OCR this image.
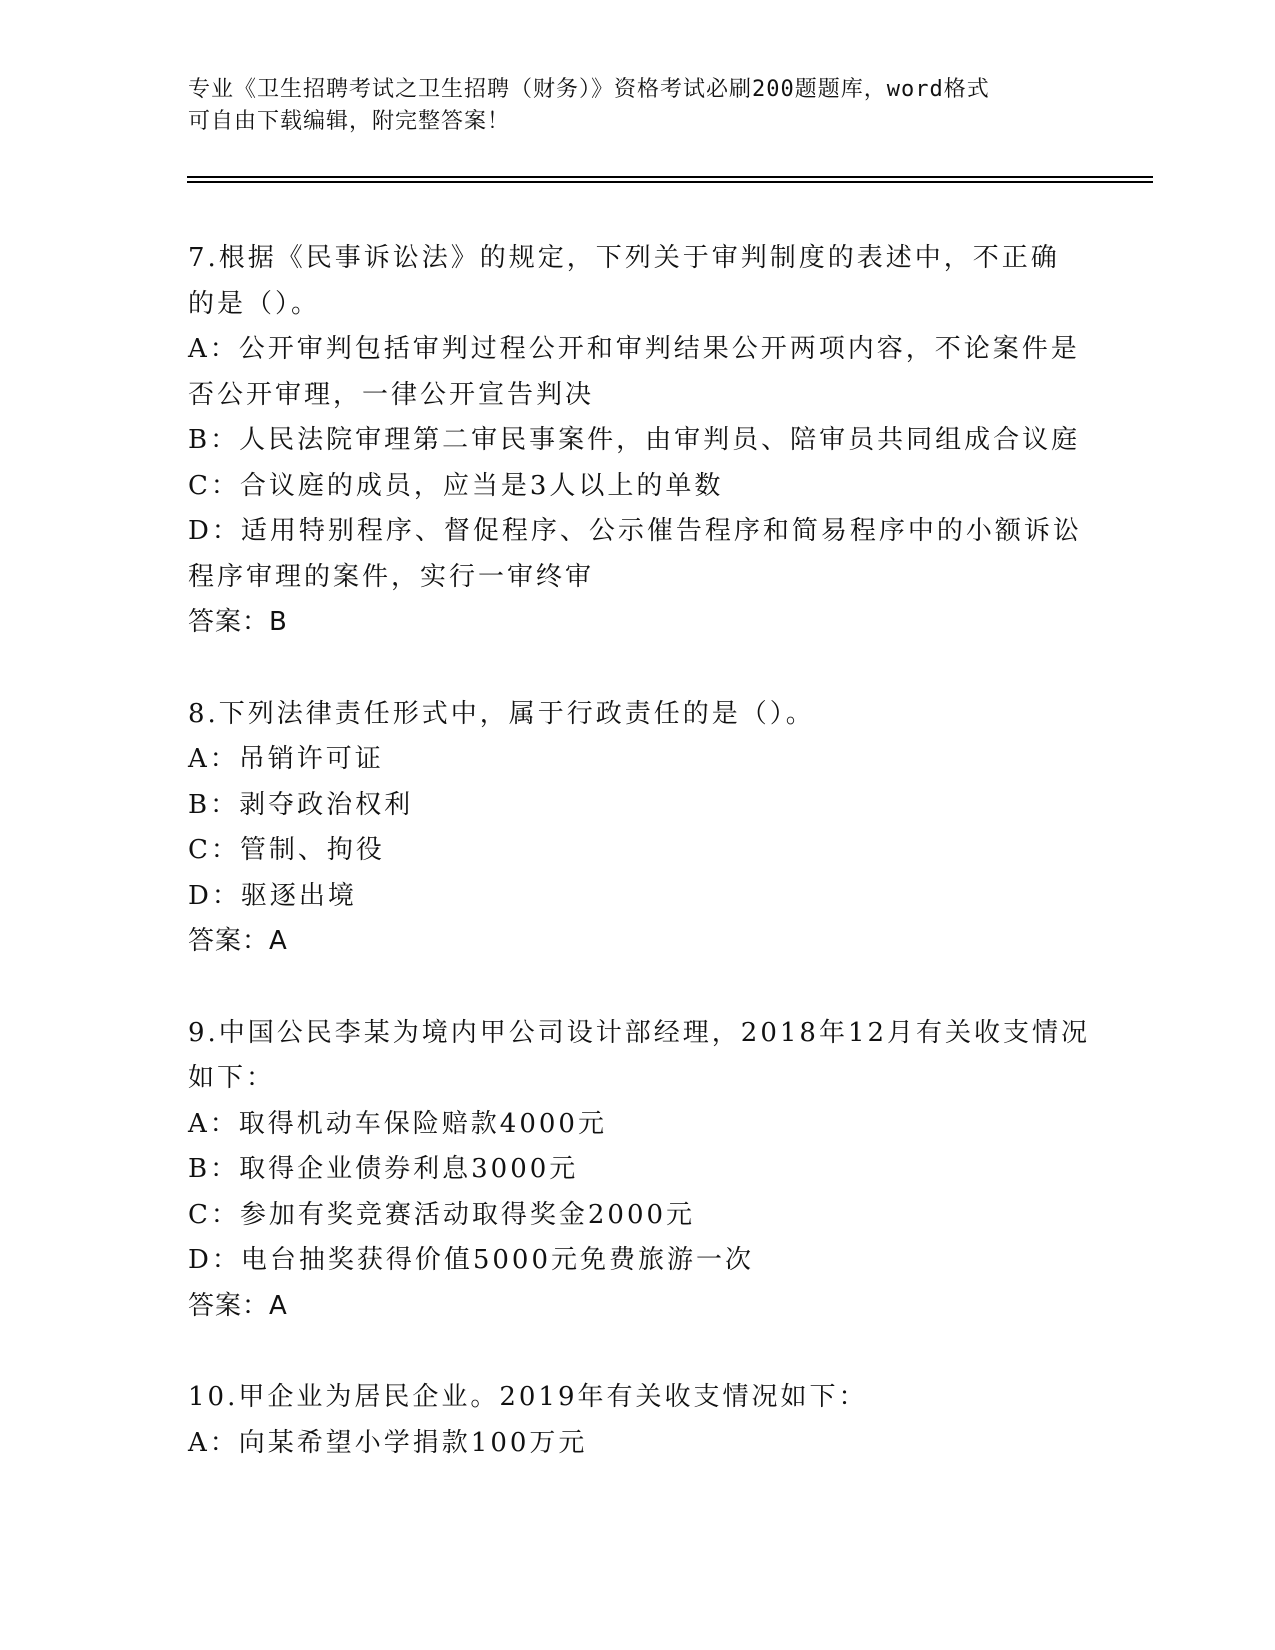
专业《卫生招聘考试之卫生招聘（财务）》资格考试必刷200题题库，word格式
可自由下载编辑，附完整答案！
7.根据《民事诉讼法》的规定，下列关于审判制度的表述中，不正确
的是（）。
A：公开审判包括审判过程公开和审判结果公开两项内容，不论案件是
否公开审理，一律公开宣告判决
B：人民法院审理第二审民事案件，由审判员、陪审员共同组成合议庭
C：合议庭的成员，应当是3人以上的单数
D：适用特别程序、督促程序、公示催告程序和简易程序中的小额诉讼
程序审理的案件，实行一审终审
答案：B
8.下列法律责任形式中，属于行政责任的是（）。
A：吊销许可证
B：剥夺政治权利
C：管制、拘役
D：驱逐出境
答案：A
9.中国公民李某为境内甲公司设计部经理，2018年12月有关收支情况
如下：
A：取得机动车保险赔款4000元
B：取得企业债券利息3000元
C：参加有奖竞赛活动取得奖金2000元
D：电台抽奖获得价值5000元免费旅游一次
答案：A
10.甲企业为居民企业。2019年有关收支情况如下：
A：向某希望小学捐款100万元
